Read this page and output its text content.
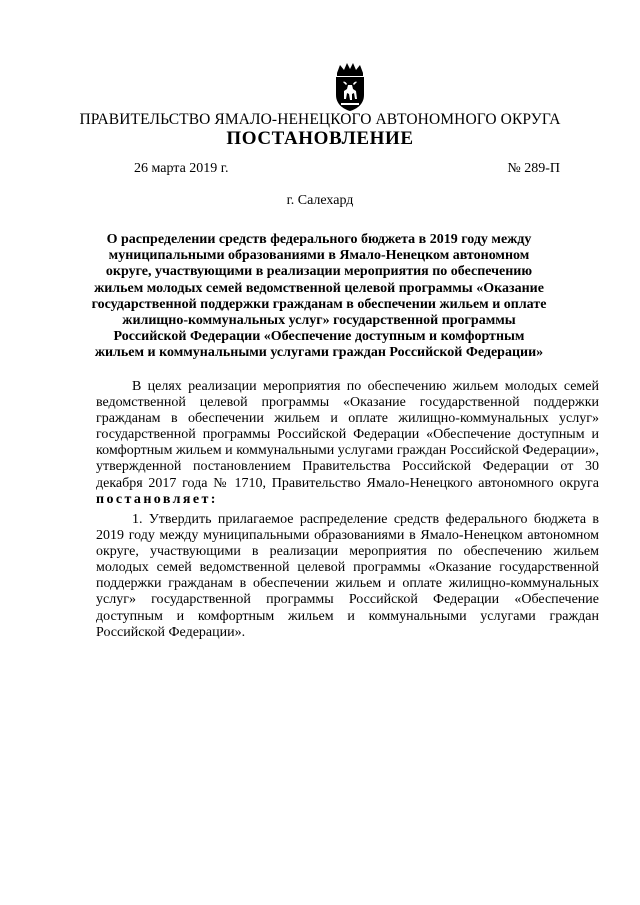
ПРАВИТЕЛЬСТВО ЯМАЛО-НЕНЕЦКОГО АВТОНОМНОГО ОКРУГА
ПОСТАНОВЛЕНИЕ
26 марта 2019 г.	№ 289-П
г. Салехард
О распределении средств федерального бюджета в 2019 году между муниципальными образованиями в Ямало-Ненецком автономном округе, участвующими в реализации мероприятия по обеспечению жильем молодых семей ведомственной целевой программы «Оказание государственной поддержки гражданам в обеспечении жильем и оплате жилищно-коммунальных услуг» государственной программы Российской Федерации «Обеспечение доступным и комфортным жильем и коммунальными услугами граждан Российской Федерации»
В целях реализации мероприятия по обеспечению жильем молодых семей ведомственной целевой программы «Оказание государственной поддержки гражданам в обеспечении жильем и оплате жилищно-коммунальных услуг» государственной программы Российской Федерации «Обеспечение доступным и комфортным жильем и коммунальными услугами граждан Российской Федерации», утвержденной постановлением Правительства Российской Федерации от 30 декабря 2017 года № 1710, Правительство Ямало-Ненецкого автономного округа постановляет:
1. Утвердить прилагаемое распределение средств федерального бюджета в 2019 году между муниципальными образованиями в Ямало-Ненецком автономном округе, участвующими в реализации мероприятия по обеспечению жильем молодых семей ведомственной целевой программы «Оказание государственной поддержки гражданам в обеспечении жильем и оплате жилищно-коммунальных услуг» государственной программы Российской Федерации «Обеспечение доступным и комфортным жильем и коммунальными услугами граждан Российской Федерации».
